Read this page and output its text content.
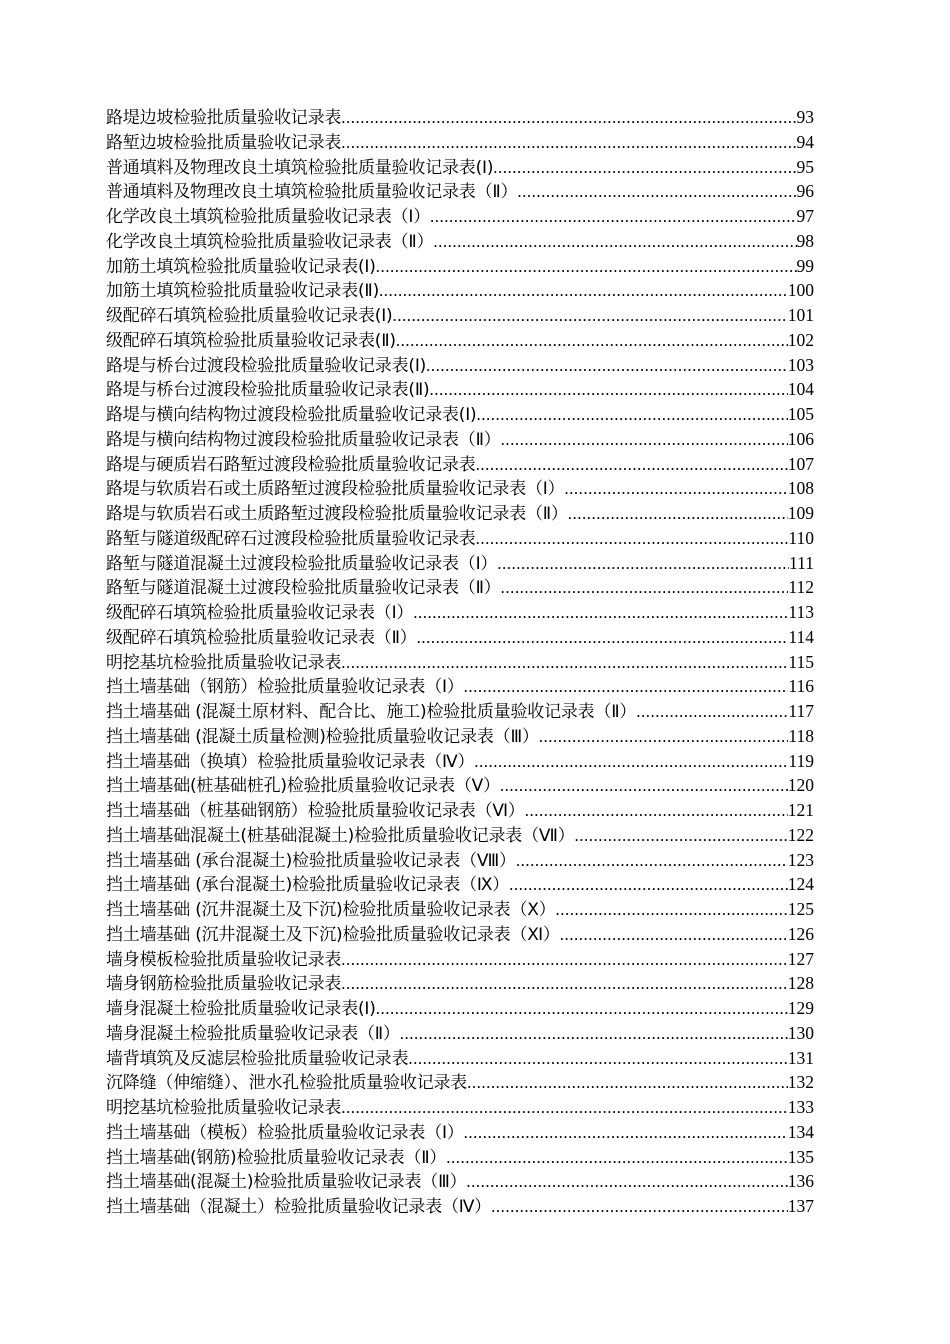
路堤边坡检验批质量验收记录表 .....	93
路堑边坡检验批质量验收记录表 .....	94
普通填料及物理改良土填筑检验批质量验收记录表(Ⅰ) .....	95
普通填料及物理改良土填筑检验批质量验收记录表（Ⅱ） .....	96
化学改良土填筑检验批质量验收记录表（Ⅰ） .....	97
化学改良土填筑检验批质量验收记录表（Ⅱ） .....	98
加筋土填筑检验批质量验收记录表(Ⅰ) .....	99
加筋土填筑检验批质量验收记录表(Ⅱ) .....	100
级配碎石填筑检验批质量验收记录表(Ⅰ) .....	101
级配碎石填筑检验批质量验收记录表(Ⅱ) .....	102
路堤与桥台过渡段检验批质量验收记录表(Ⅰ) .....	103
路堤与桥台过渡段检验批质量验收记录表(Ⅱ) .....	104
路堤与横向结构物过渡段检验批质量验收记录表(Ⅰ) .....	105
路堤与横向结构物过渡段检验批质量验收记录表（Ⅱ） .....	106
路堤与硬质岩石路堑过渡段检验批质量验收记录表 .....	107
路堤与软质岩石或土质路堑过渡段检验批质量验收记录表（Ⅰ） .....	108
路堤与软质岩石或土质路堑过渡段检验批质量验收记录表（Ⅱ） .....	109
路堑与隧道级配碎石过渡段检验批质量验收记录表 .....	110
路堑与隧道混凝土过渡段检验批质量验收记录表（Ⅰ） .....	111
路堑与隧道混凝土过渡段检验批质量验收记录表（Ⅱ） .....	112
级配碎石填筑检验批质量验收记录表（Ⅰ） .....	113
级配碎石填筑检验批质量验收记录表（Ⅱ） .....	114
明挖基坑检验批质量验收记录表 .....	115
挡土墙基础（钢筋）检验批质量验收记录表（Ⅰ） .....	116
挡土墙基础 (混凝土原材料、配合比、施工)检验批质量验收记录表（Ⅱ） .....	117
挡土墙基础 (混凝土质量检测)检验批质量验收记录表（Ⅲ） .....	118
挡土墙基础（换填）检验批质量验收记录表（Ⅳ） .....	119
挡土墙基础(桩基础桩孔)检验批质量验收记录表（Ⅴ） .....	120
挡土墙基础（桩基础钢筋）检验批质量验收记录表（Ⅵ） .....	121
挡土墙基础混凝土(桩基础混凝土)检验批质量验收记录表（Ⅶ） .....	122
挡土墙基础 (承台混凝土)检验批质量验收记录表（Ⅷ） .....	123
挡土墙基础 (承台混凝土)检验批质量验收记录表（Ⅸ） .....	124
挡土墙基础 (沉井混凝土及下沉)检验批质量验收记录表（Ⅹ） .....	125
挡土墙基础 (沉井混凝土及下沉)检验批质量验收记录表（Ⅺ） .....	126
墙身模板检验批质量验收记录表 .....	127
墙身钢筋检验批质量验收记录表 .....	128
墙身混凝土检验批质量验收记录表(Ⅰ) .....	129
墙身混凝土检验批质量验收记录表（Ⅱ） .....	130
墙背填筑及反滤层检验批质量验收记录表 .....	131
沉降缝（伸缩缝）、泄水孔检验批质量验收记录表 .....	132
明挖基坑检验批质量验收记录表 .....	133
挡土墙基础（模板）检验批质量验收记录表（Ⅰ） .....	134
挡土墙基础(钢筋)检验批质量验收记录表（Ⅱ） .....	135
挡土墙基础(混凝土)检验批质量验收记录表（Ⅲ） .....	136
挡土墙基础（混凝土）检验批质量验收记录表（Ⅳ） .....	137
